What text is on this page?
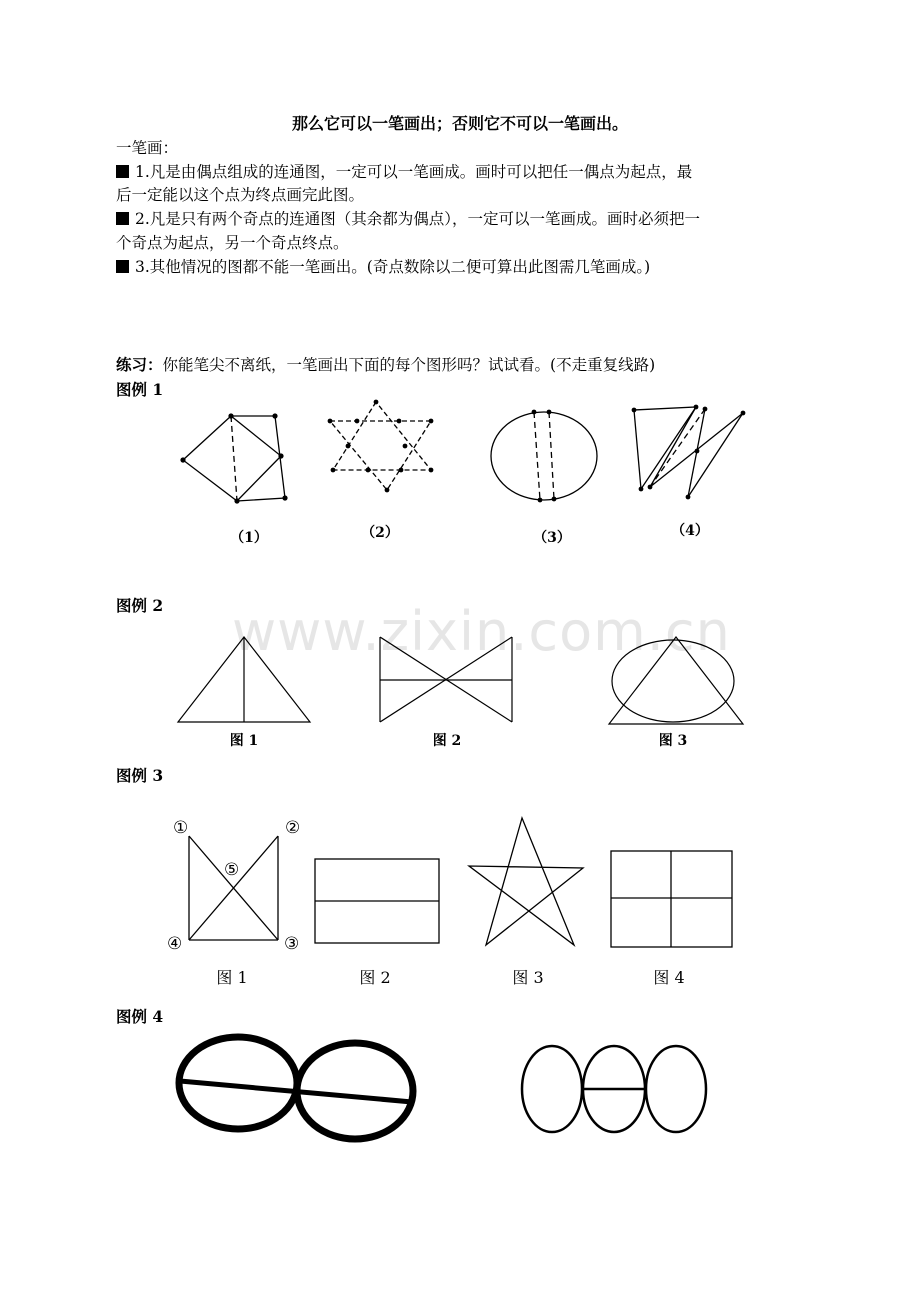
www.zixin.com.cn
那么它可以一笔画出；否则它不可以一笔画出。
一笔画：
1.凡是由偶点组成的连通图，一定可以一笔画成。画时可以把任一偶点为起点，最
后一定能以这个点为终点画完此图。
2.凡是只有两个奇点的连通图（其余都为偶点），一定可以一笔画成。画时必须把一
个奇点为起点，另一个奇点终点。
3.其他情况的图都不能一笔画出。(奇点数除以二便可算出此图需几笔画成。)
练习：你能笔尖不离纸，一笔画出下面的每个图形吗？试试看。(不走重复线路)
图例 1
（1）	（2）	（3）	（4）
图例 2
图 1	图 2	图 3
图例 3
①	②
⑤
④	③
图 1	图 2	图 3	图 4
图例 4
